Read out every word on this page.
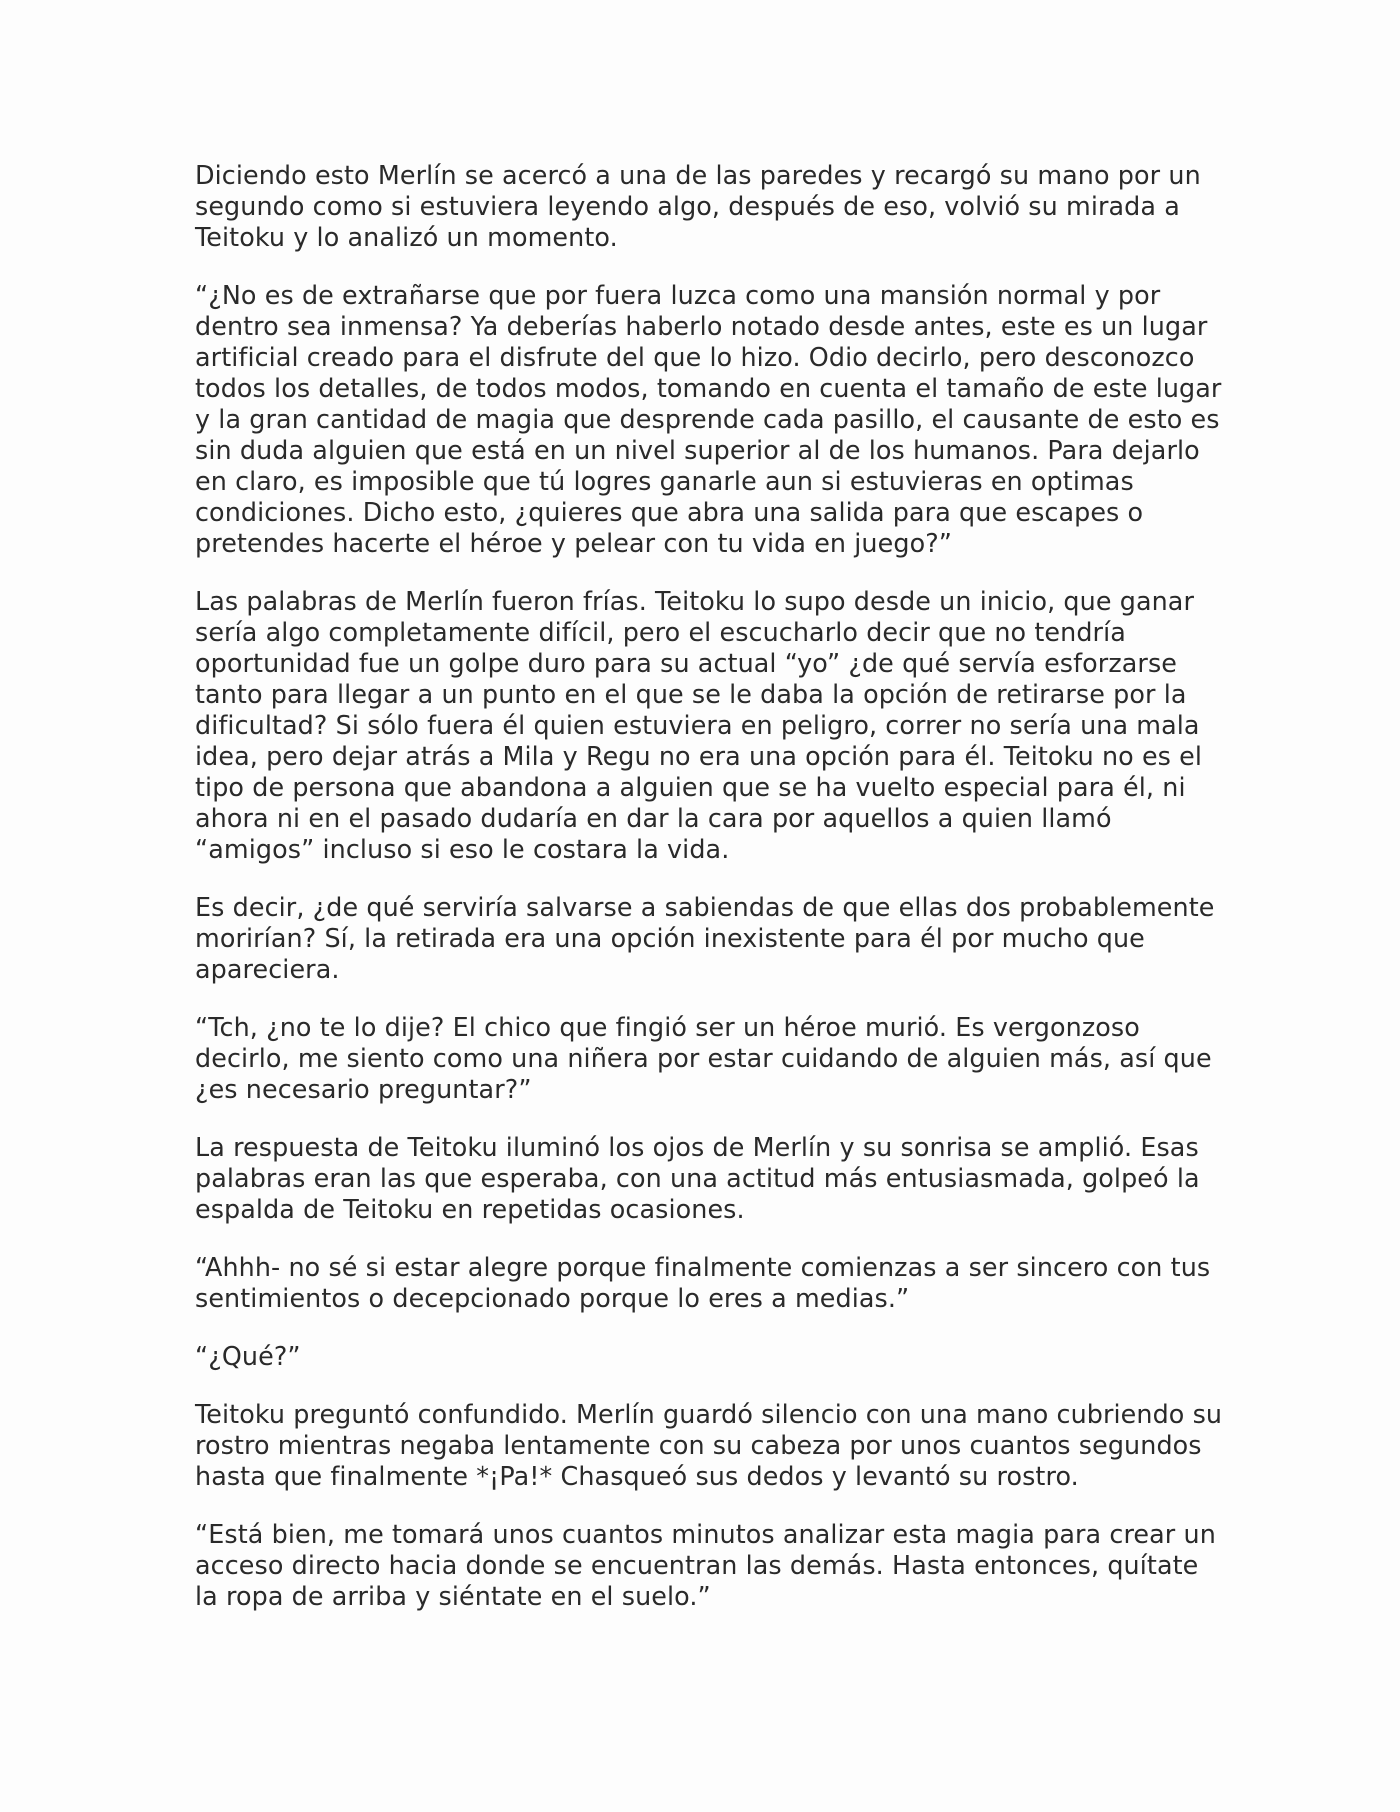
Diciendo esto Merlín se acercó a una de las paredes y recargó su mano por un segundo como si estuviera leyendo algo, después de eso, volvió su mirada a Teitoku y lo analizó un momento.

“¿No es de extrañarse que por fuera luzca como una mansión normal y por dentro sea inmensa? Ya deberías haberlo notado desde antes, este es un lugar artificial creado para el disfrute del que lo hizo. Odio decirlo, pero desconozco todos los detalles, de todos modos, tomando en cuenta el tamaño de este lugar y la gran cantidad de magia que desprende cada pasillo, el causante de esto es sin duda alguien que está en un nivel superior al de los humanos. Para dejarlo en claro, es imposible que tú logres ganarle aun si estuvieras en optimas condiciones. Dicho esto, ¿quieres que abra una salida para que escapes o pretendes hacerte el héroe y pelear con tu vida en juego?”

Las palabras de Merlín fueron frías. Teitoku lo supo desde un inicio, que ganar sería algo completamente difícil, pero el escucharlo decir que no tendría oportunidad fue un golpe duro para su actual “yo” ¿de qué servía esforzarse tanto para llegar a un punto en el que se le daba la opción de retirarse por la dificultad? Si sólo fuera él quien estuviera en peligro, correr no sería una mala idea, pero dejar atrás a Mila y Regu no era una opción para él. Teitoku no es el tipo de persona que abandona a alguien que se ha vuelto especial para él, ni ahora ni en el pasado dudaría en dar la cara por aquellos a quien llamó “amigos” incluso si eso le costara la vida.

Es decir, ¿de qué serviría salvarse a sabiendas de que ellas dos probablemente morirían? Sí, la retirada era una opción inexistente para él por mucho que apareciera.

“Tch, ¿no te lo dije? El chico que fingió ser un héroe murió. Es vergonzoso decirlo, me siento como una niñera por estar cuidando de alguien más, así que ¿es necesario preguntar?”

La respuesta de Teitoku iluminó los ojos de Merlín y su sonrisa se amplió. Esas palabras eran las que esperaba, con una actitud más entusiasmada, golpeó la espalda de Teitoku en repetidas ocasiones.

“Ahhh- no sé si estar alegre porque finalmente comienzas a ser sincero con tus sentimientos o decepcionado porque lo eres a medias.”

“¿Qué?”

Teitoku preguntó confundido. Merlín guardó silencio con una mano cubriendo su rostro mientras negaba lentamente con su cabeza por unos cuantos segundos hasta que finalmente *¡Pa!* Chasqueó sus dedos y levantó su rostro.

“Está bien, me tomará unos cuantos minutos analizar esta magia para crear un acceso directo hacia donde se encuentran las demás. Hasta entonces, quítate la ropa de arriba y siéntate en el suelo.”
